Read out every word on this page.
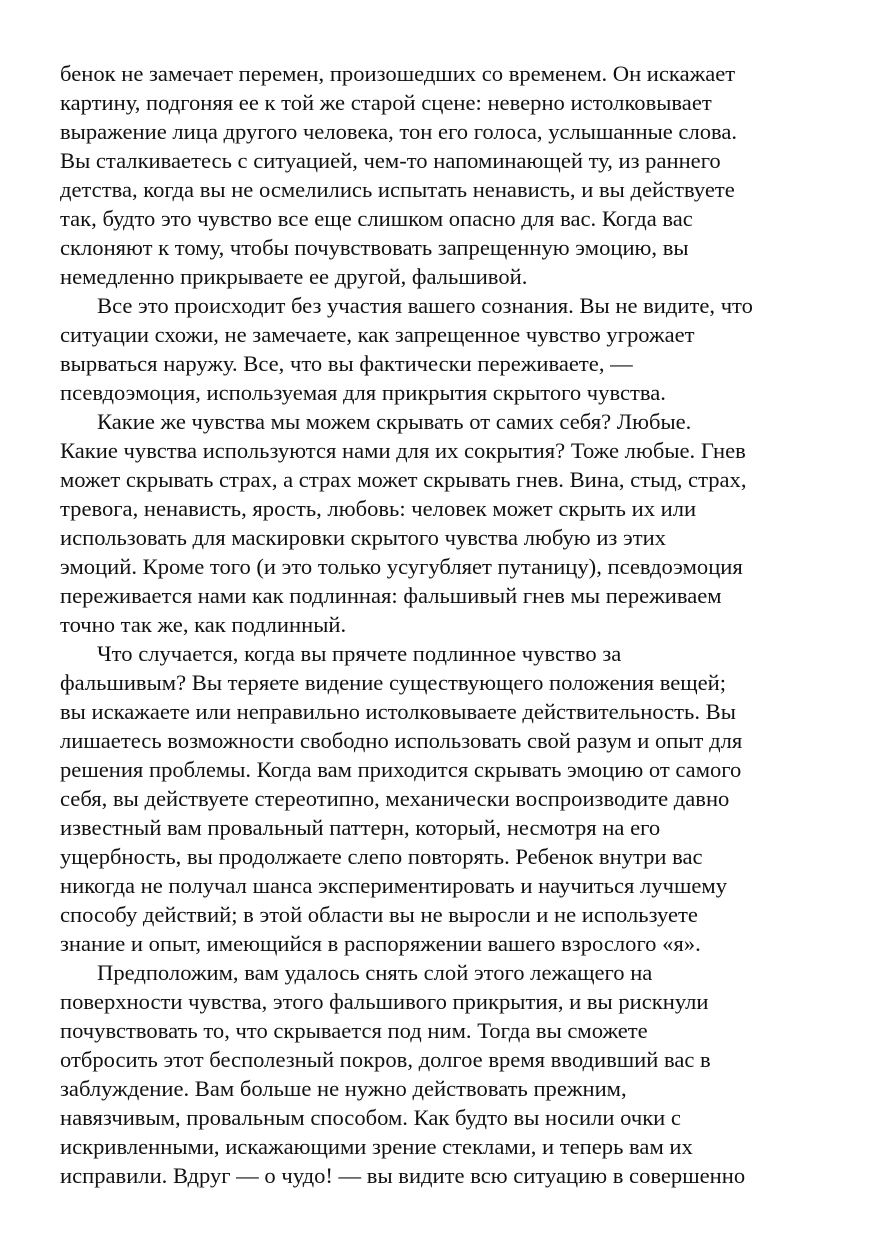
бенок не замечает перемен, произошедших со временем. Он искажает
картину, подгоняя ее к той же старой сцене: неверно истолковывает
выражение лица другого человека, тон его голоса, услышанные слова.
Вы сталкиваетесь с ситуацией, чем-то напоминающей ту, из раннего
детства, когда вы не осмелились испытать ненависть, и вы действуете
так, будто это чувство все еще слишком опасно для вас. Когда вас
склоняют к тому, чтобы почувствовать запрещенную эмоцию, вы
немедленно прикрываете ее другой, фальшивой.
Все это происходит без участия вашего сознания. Вы не видите, что
ситуации схожи, не замечаете, как запрещенное чувство угрожает
вырваться наружу. Все, что вы фактически переживаете, —
псевдоэмоция, используемая для прикрытия скрытого чувства.
Какие же чувства мы можем скрывать от самих себя? Любые.
Какие чувства используются нами для их сокрытия? Тоже любые. Гнев
может скрывать страх, а страх может скрывать гнев. Вина, стыд, страх,
тревога, ненависть, ярость, любовь: человек может скрыть их или
использовать для маскировки скрытого чувства любую из этих
эмоций. Кроме того (и это только усугубляет путаницу), псевдоэмоция
переживается нами как подлинная: фальшивый гнев мы переживаем
точно так же, как подлинный.
Что случается, когда вы прячете подлинное чувство за
фальшивым? Вы теряете видение существующего положения вещей;
вы искажаете или неправильно истолковываете действительность. Вы
лишаетесь возможности свободно использовать свой разум и опыт для
решения проблемы. Когда вам приходится скрывать эмоцию от самого
себя, вы действуете стереотипно, механически воспроизводите давно
известный вам провальный паттерн, который, несмотря на его
ущербность, вы продолжаете слепо повторять. Ребенок внутри вас
никогда не получал шанса экспериментировать и научиться лучшему
способу действий; в этой области вы не выросли и не используете
знание и опыт, имеющийся в распоряжении вашего взрослого «я».
Предположим, вам удалось снять слой этого лежащего на
поверхности чувства, этого фальшивого прикрытия, и вы рискнули
почувствовать то, что скрывается под ним. Тогда вы сможете
отбросить этот бесполезный покров, долгое время вводивший вас в
заблуждение. Вам больше не нужно действовать прежним,
навязчивым, провальным способом. Как будто вы носили очки с
искривленными, искажающими зрение стеклами, и теперь вам их
исправили. Вдруг — о чудо! — вы видите всю ситуацию в совершенно
